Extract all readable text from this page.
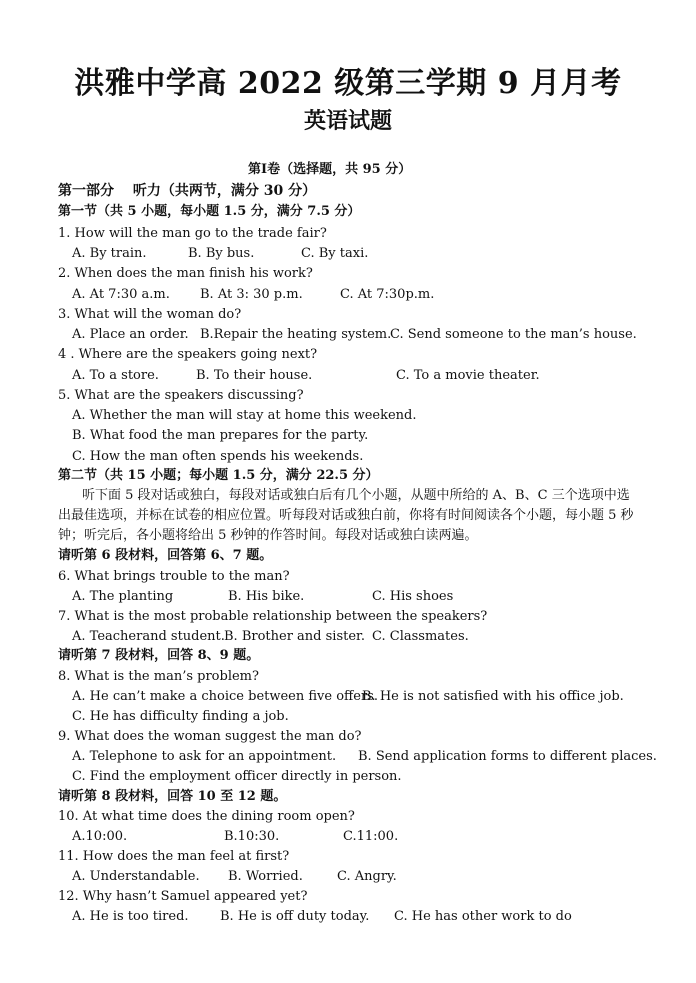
洪雅中学高 2022 级第三学期 9 月月考
英语试题
第Ⅰ卷（选择题，共 95 分）
第一部分　 听力（共两节，满分 30 分）
第一节（共 5 小题，每小题 1.5 分，满分 7.5 分）
1. How will the man go to the trade fair?
A. By train.	B. By bus.	C. By taxi.
2. When does the man finish his work?
A. At 7:30 a.m. B. At 3: 30 p.m.	C. At 7:30p.m.
3. What will the woman do?
A. Place an order. B.Repair the heating system.
C. Send someone to the man’s house.
4 . Where are the speakers going next?
A. To a store.	B. To their house.	C. To a movie theater.
5. What are the speakers discussing?
A. Whether the man will stay at home this weekend.
B. What food the man prepares for the party.
C. How the man often spends his weekends.
第二节（共 15 小题；每小题 1.5 分，满分 22.5 分）
听下面 5 段对话或独白，每段对话或独白后有几个小题，从题中所给的 A、B、C 三个选项中选出最佳选项，并标在试卷的相应位置。听每段对话或独白前，你将有时间阅读各个小题，每小题 5 秒钟；听完后，各小题将给出 5 秒钟的作答时间。每段对话或独白读两遍。
请听第 6 段材料，回答第 6、7 题。
6. What brings trouble to the man?
A. The planting	B. His bike.	C. His shoes
7. What is the most probable relationship between the speakers?
A. Teacherand student. B. Brother and sister. C. Classmates.
请听第 7 段材料，回答 8、9 题。
8. What is the man’s problem?
A. He can’t make a choice between five offers.
B. He is not satisfied with his office job.
C. He has difficulty finding a job.
9. What does the woman suggest the man do?
A. Telephone to ask for an appointment. B. Send application forms to different places.
C. Find the employment officer directly in person.
请听第 8 段材料，回答 10 至 12 题。
10. At what time does the dining room open?
A.10:00.	B.10:30.	C.11:00.
11. How does the man feel at first?
A. Understandable. B. Worried.	C. Angry.
12. Why hasn’t Samuel appeared yet?
A. He is too tired. B. He is off duty today. C. He has other work to do
